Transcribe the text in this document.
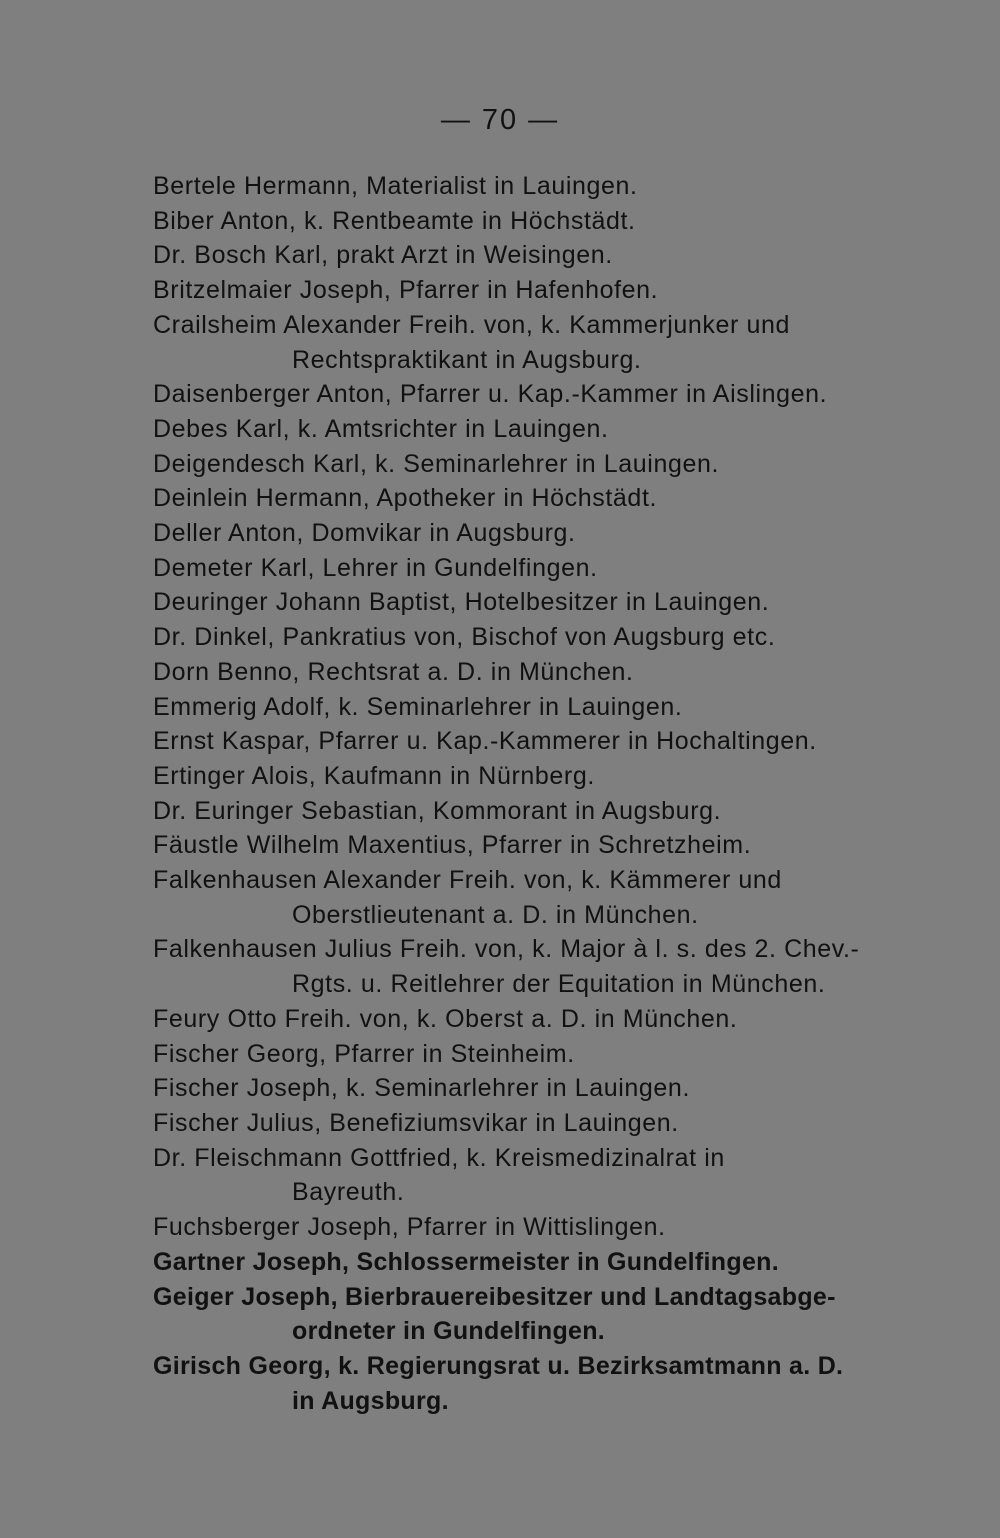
— 70 —
Bertele Hermann, Materialist in Lauingen.
Biber Anton, k. Rentbeamte in Höchstädt.
Dr. Bosch Karl, prakt Arzt in Weisingen.
Britzelmaier Joseph, Pfarrer in Hafenhofen.
Crailsheim Alexander Freih. von, k. Kammerjunker und
Rechtspraktikant in Augsburg.
Daisenberger Anton, Pfarrer u. Kap.-Kammer in Aislingen.
Debes Karl, k. Amtsrichter in Lauingen.
Deigendesch Karl, k. Seminarlehrer in Lauingen.
Deinlein Hermann, Apotheker in Höchstädt.
Deller Anton, Domvikar in Augsburg.
Demeter Karl, Lehrer in Gundelfingen.
Deuringer Johann Baptist, Hotelbesitzer in Lauingen.
Dr. Dinkel, Pankratius von, Bischof von Augsburg etc.
Dorn Benno, Rechtsrat a. D. in München.
Emmerig Adolf, k. Seminarlehrer in Lauingen.
Ernst Kaspar, Pfarrer u. Kap.-Kammerer in Hochaltingen.
Ertinger Alois, Kaufmann in Nürnberg.
Dr. Euringer Sebastian, Kommorant in Augsburg.
Fäustle Wilhelm Maxentius, Pfarrer in Schretzheim.
Falkenhausen Alexander Freih. von, k. Kämmerer und
Oberstlieutenant a. D. in München.
Falkenhausen Julius Freih. von, k. Major à l. s. des 2. Chev.-
Rgts. u. Reitlehrer der Equitation in München.
Feury Otto Freih. von, k. Oberst a. D. in München.
Fischer Georg, Pfarrer in Steinheim.
Fischer Joseph, k. Seminarlehrer in Lauingen.
Fischer Julius, Benefiziumsvikar in Lauingen.
Dr. Fleischmann Gottfried, k. Kreismedizinalrat in
Bayreuth.
Fuchsberger Joseph, Pfarrer in Wittislingen.
Gartner Joseph, Schlossermeister in Gundelfingen.
Geiger Joseph, Bierbrauereibesitzer und Landtagsabge-
ordneter in Gundelfingen.
Girisch Georg, k. Regierungsrat u. Bezirksamtmann a. D.
in Augsburg.
